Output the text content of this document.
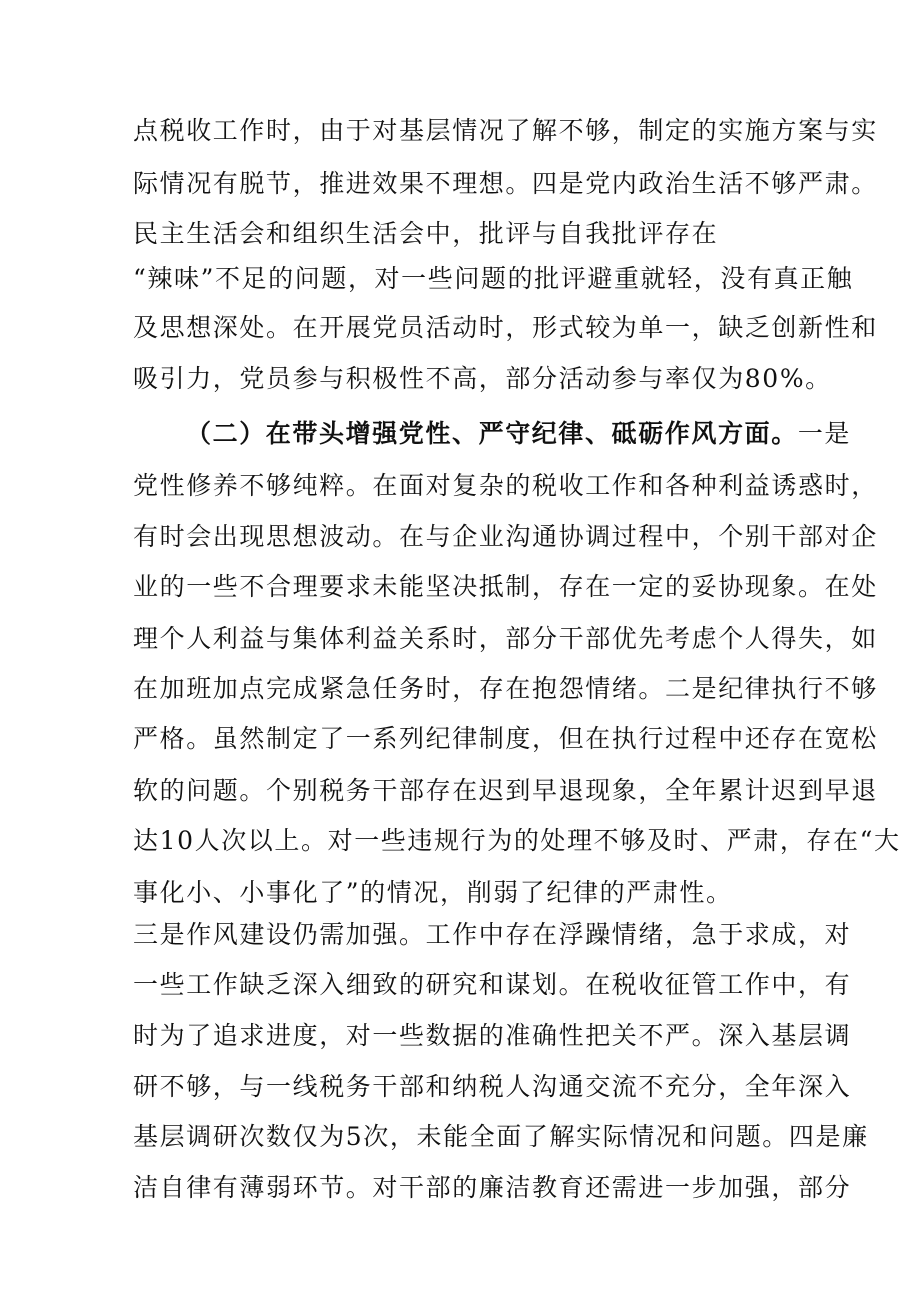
点税收工作时，由于对基层情况了解不够，制定的实施方案与实
际情况有脱节，推进效果不理想。四是党内政治生活不够严肃。
民主生活会和组织生活会中，批评与自我批评存在
“辣味”不足的问题，对一些问题的批评避重就轻，没有真正触
及思想深处。在开展党员活动时，形式较为单一，缺乏创新性和
吸引力，党员参与积极性不高，部分活动参与率仅为80%。
（二）在带头增强党性、严守纪律、砥砺作风方面。一是
党性修养不够纯粹。在面对复杂的税收工作和各种利益诱惑时，
有时会出现思想波动。在与企业沟通协调过程中，个别干部对企
业的一些不合理要求未能坚决抵制，存在一定的妥协现象。在处
理个人利益与集体利益关系时，部分干部优先考虑个人得失，如
在加班加点完成紧急任务时，存在抱怨情绪。二是纪律执行不够
严格。虽然制定了一系列纪律制度，但在执行过程中还存在宽松
软的问题。个别税务干部存在迟到早退现象，全年累计迟到早退
达10人次以上。对一些违规行为的处理不够及时、严肃，存在“大
事化小、小事化了”的情况，削弱了纪律的严肃性。
三是作风建设仍需加强。工作中存在浮躁情绪，急于求成，对
一些工作缺乏深入细致的研究和谋划。在税收征管工作中，有
时为了追求进度，对一些数据的准确性把关不严。深入基层调
研不够，与一线税务干部和纳税人沟通交流不充分，全年深入
基层调研次数仅为5次，未能全面了解实际情况和问题。四是廉
洁自律有薄弱环节。对干部的廉洁教育还需进一步加强，部分
